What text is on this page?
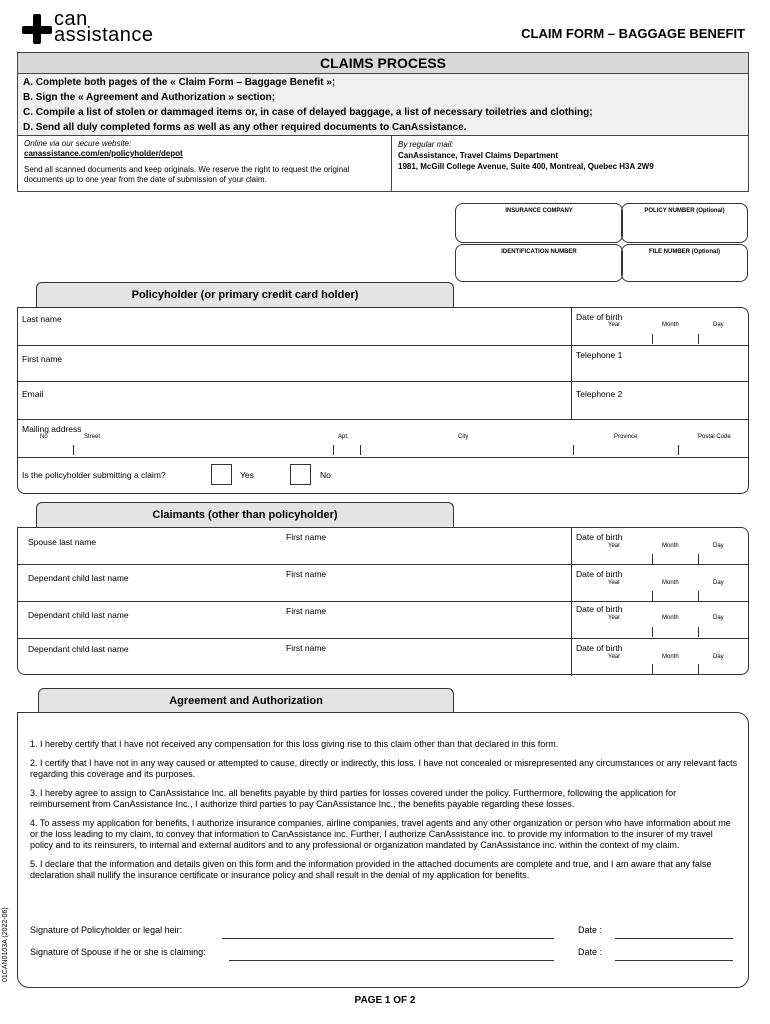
can
assistance	CLAIM FORM – BAGGAGE BENEFIT
CLAIMS PROCESS
A. Complete both pages of the « Claim Form – Baggage Benefit »;
B. Sign the « Agreement and Authorization » section;
C. Compile a list of stolen or dammaged items or, in case of delayed baggage, a list of necessary toiletries and clothing;
D. Send all duly completed forms as well as any other required documents to CanAssistance.
Online via our secure website:
canassistance.com/en/policyholder/depot
Send all scanned documents and keep originals. We reserve the right to request the original documents up to one year from the date of submission of your claim.
By regular mail:
CanAssistance, Travel Claims Department
1981, McGill College Avenue, Suite 400, Montreal, Quebec H3A 2W9
INSURANCE COMPANY	POLICY NUMBER (Optional)
IDENTIFICATION NUMBER	FILE NUMBER (Optional)
Policyholder (or primary credit card holder)
Last name	Date of birth
Year	Month	Day
First name	Telephone 1
Email	Telephone 2
Mailing address
No	Street	Apt.	City	Province	Postal Code
Is the policyholder submitting a claim?	Yes	No
Claimants (other than policyholder)
Spouse last name	First name	Date of birth
Year	Month	Day
Dependant child last name	First name	Date of birth
Year	Month	Day
Dependant child last name	First name	Date of birth
Year	Month	Day
Dependant child last name	First name	Date of birth
Year	Month	Day
Agreement and Authorization

1. I hereby certify that I have not received any compensation for this loss giving rise to this claim other than that declared in this form.

2. I certify that I have not in any way caused or attempted to cause, directly or indirectly, this loss. I have not concealed or misrepresented any circumstances or any relevant facts regarding this coverage and its purposes.

3. I hereby agree to assign to CanAssistance Inc. all benefits payable by third parties for losses covered under the policy. Furthermore, following the application for reimbursement from CanAssistance Inc., I authorize third parties to pay CanAssistance Inc., the benefits payable regarding these losses.

4. To assess my application for benefits, I authorize insurance companies, airline companies, travel agents and any other organization or person who have information about me or the loss leading to my claim, to convey that information to CanAssistance inc. Further, I authorize CanAssistance inc. to provide my information to the insurer of my travel policy and to its reinsurers, to internal and external auditors and to any professional or organization mandated by CanAssistance inc. within the context of my claim.

5. I declare that the information and details given on this form and the information provided in the attached documents are complete and true, and I am aware that any false declaration shall nullify the insurance certificate or insurance policy and shall result in the denial of my application for benefits.

Signature of Policyholder or legal heir:	Date :
Signature of Spouse if he or she is claiming:	Date :
01CAN0103A (2022-06)
PAGE 1 OF 2
